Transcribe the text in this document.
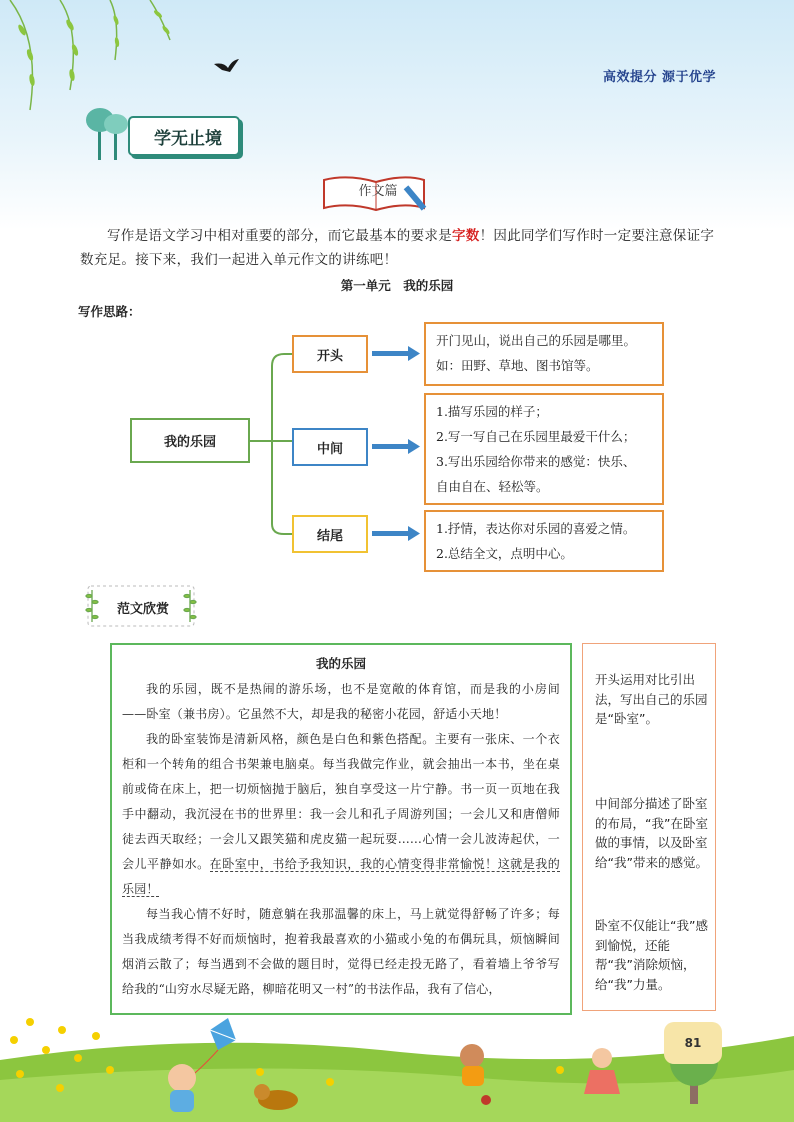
高效提分 源于优学
学无止境
作文篇
写作是语文学习中相对重要的部分，而它最基本的要求是字数！因此同学们写作时一定要注意保证字数充足。接下来，我们一起进入单元作文的讲练吧！
第一单元　我的乐园
写作思路：
我的乐园
开头
中间
结尾
开门见山，说出自己的乐园是哪里。
如：田野、草地、图书馆等。
1.描写乐园的样子；
2.写一写自己在乐园里最爱干什么；
3.写出乐园给你带来的感觉：快乐、
自由自在、轻松等。
1.抒情，表达你对乐园的喜爱之情。
2.总结全文，点明中心。
范文欣赏
我的乐园

我的乐园，既不是热闹的游乐场，也不是宽敞的体育馆，而是我的小房间——卧室（兼书房）。它虽然不大，却是我的秘密小花园，舒适小天地！

我的卧室装饰是清新风格，颜色是白色和紫色搭配。主要有一张床、一个衣柜和一个转角的组合书架兼电脑桌。每当我做完作业，就会抽出一本书，坐在桌前或倚在床上，把一切烦恼抛于脑后，独自享受这一片宁静。书一页一页地在我手中翻动，我沉浸在书的世界里：我一会儿和孔子周游列国；一会儿又和唐僧师徒去西天取经；一会儿又跟笑猫和虎皮猫一起玩耍……心情一会儿波涛起伏，一会儿平静如水。在卧室中，书给予我知识，我的心情变得非常愉悦！这就是我的乐园！

每当我心情不好时，随意躺在我那温馨的床上，马上就觉得舒畅了许多；每当我成绩考得不好而烦恼时，抱着我最喜欢的小猫或小兔的布偶玩具，烦恼瞬间烟消云散了；每当遇到不会做的题目时，觉得已经走投无路了，看着墙上爷爷写给我的“山穷水尽疑无路，柳暗花明又一村”的书法作品，我有了信心，

开头运用对比引出法，写出自己的乐园是“卧室”。
中间部分描述了卧室的布局，“我”在卧室做的事情，以及卧室给“我”带来的感觉。
卧室不仅能让“我”感到愉悦，还能帮“我”消除烦恼，给“我”力量。
81
